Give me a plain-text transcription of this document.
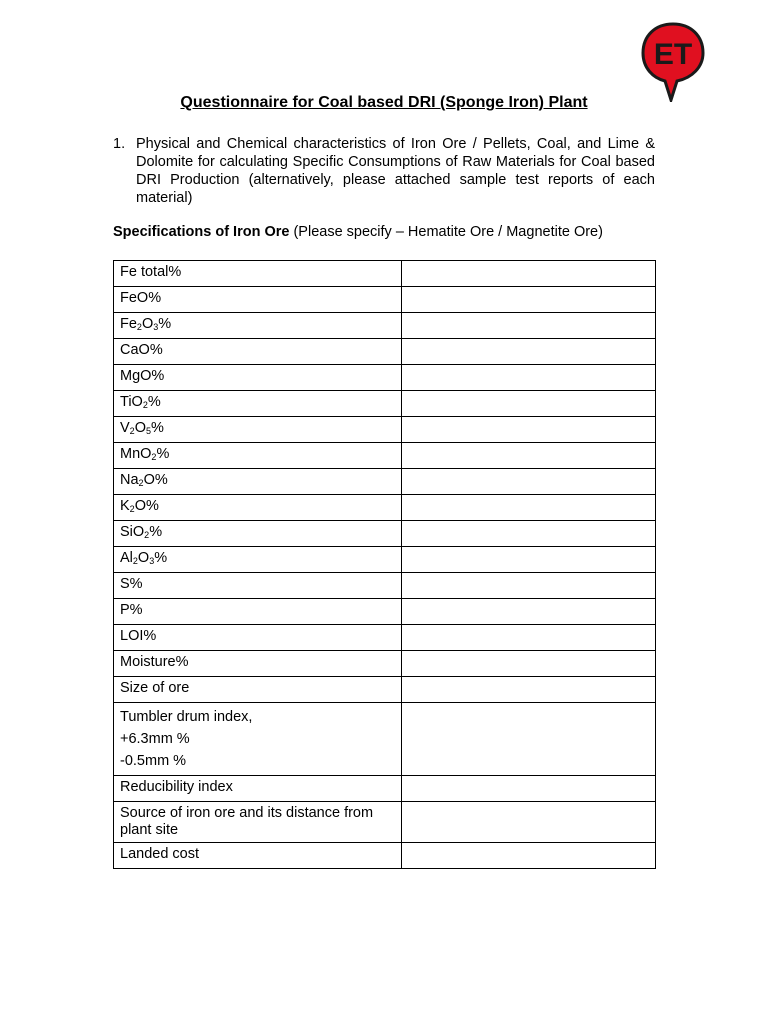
ET
Questionnaire for Coal based DRI (Sponge Iron) Plant
1. Physical and Chemical characteristics of Iron Ore / Pellets, Coal, and Lime & Dolomite for calculating Specific Consumptions of Raw Materials for Coal based DRI Production (alternatively, please attached sample test reports of each material)
Specifications of Iron Ore (Please specify – Hematite Ore / Magnetite Ore)
Fe total%	
FeO%	
$Fe_2O_3\%$	
CaO%	
MgO%	
TiO$_2$%	
$V_2O_5\%$	
MnO$_2$%	
$Na_2O\%$	
$K_2O\%$	
SiO$_2$%	
$Al_2O_3\%$	
S%	
P%	
LOI%	
Moisture%	
Size of ore	

Tumbler drum index,
+6.3mm %
-0.5mm %	

Reducibility index	

Source of iron ore and its distance from
plant site	

Landed cost	
